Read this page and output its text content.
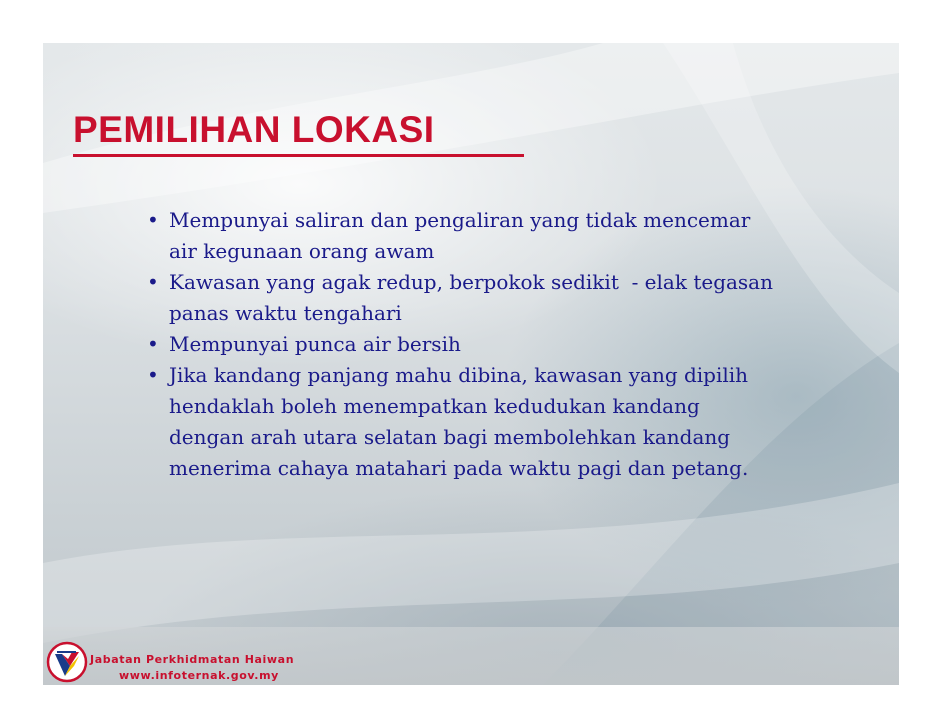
PEMILIHAN LOKASI
• Mempunyai saliran dan pengaliran yang tidak mencemar
air kegunaan orang awam
• Kawasan yang agak redup, berpokok sedikit  - elak tegasan
panas waktu tengahari
• Mempunyai punca air bersih
• Jika kandang panjang mahu dibina, kawasan yang dipilih
hendaklah boleh menempatkan kedudukan kandang
dengan arah utara selatan bagi membolehkan kandang
menerima cahaya matahari pada waktu pagi dan petang.
Jabatan Perkhidmatan Haiwan
www.infoternak.gov.my
